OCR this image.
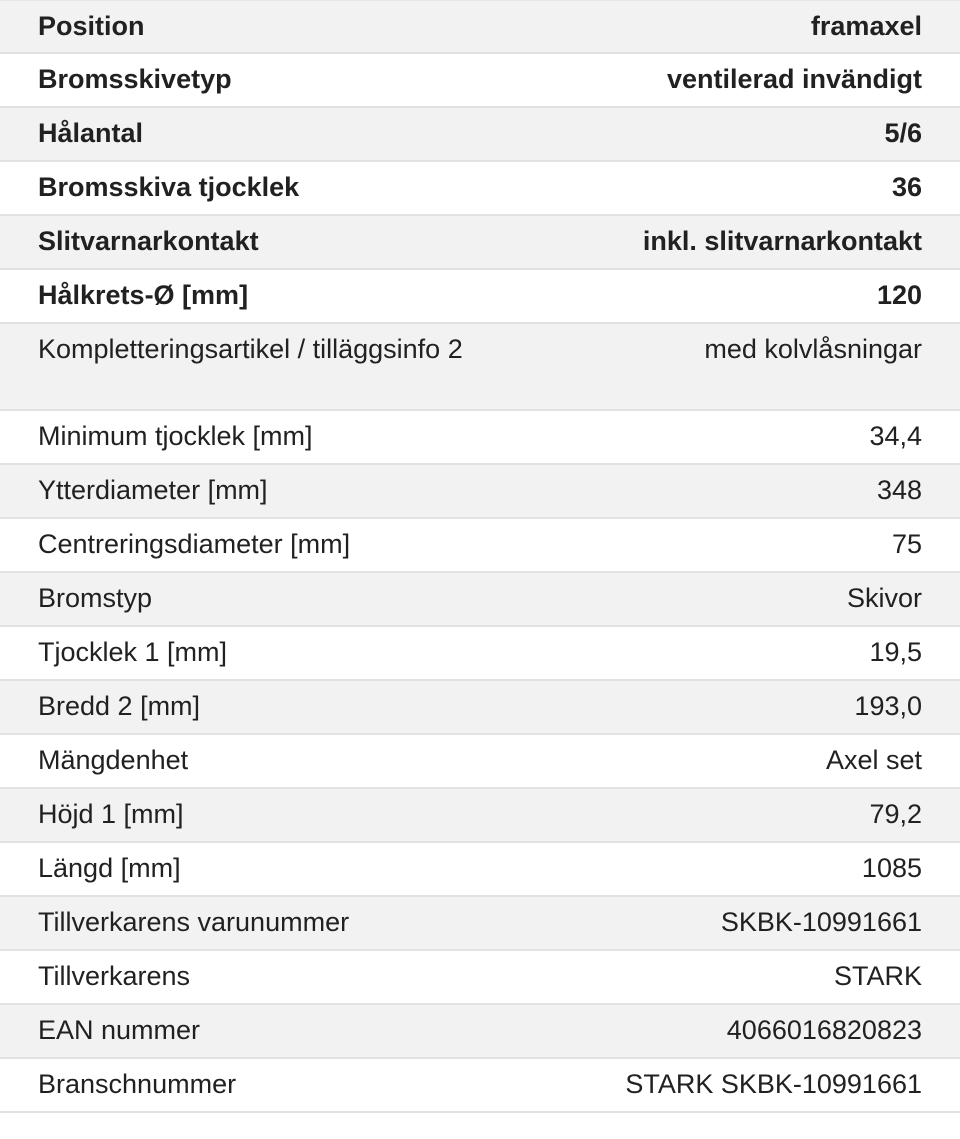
Position	framaxel
Bromsskivetyp	ventilerad invändigt
Hålantal	5/6
Bromsskiva tjocklek	36
Slitvarnarkontakt	inkl. slitvarnarkontakt
Hålkrets-Ø [mm]	120
Kompletteringsartikel / tilläggsinfo 2	med kolvlåsningar
Minimum tjocklek [mm]	34,4
Ytterdiameter [mm]	348
Centreringsdiameter [mm]	75
Bromstyp	Skivor
Tjocklek 1 [mm]	19,5
Bredd 2 [mm]	193,0
Mängdenhet	Axel set
Höjd 1 [mm]	79,2
Längd [mm]	1085
Tillverkarens varunummer	SKBK-10991661
Tillverkarens	STARK
EAN nummer	4066016820823
Branschnummer	STARK SKBK-10991661
